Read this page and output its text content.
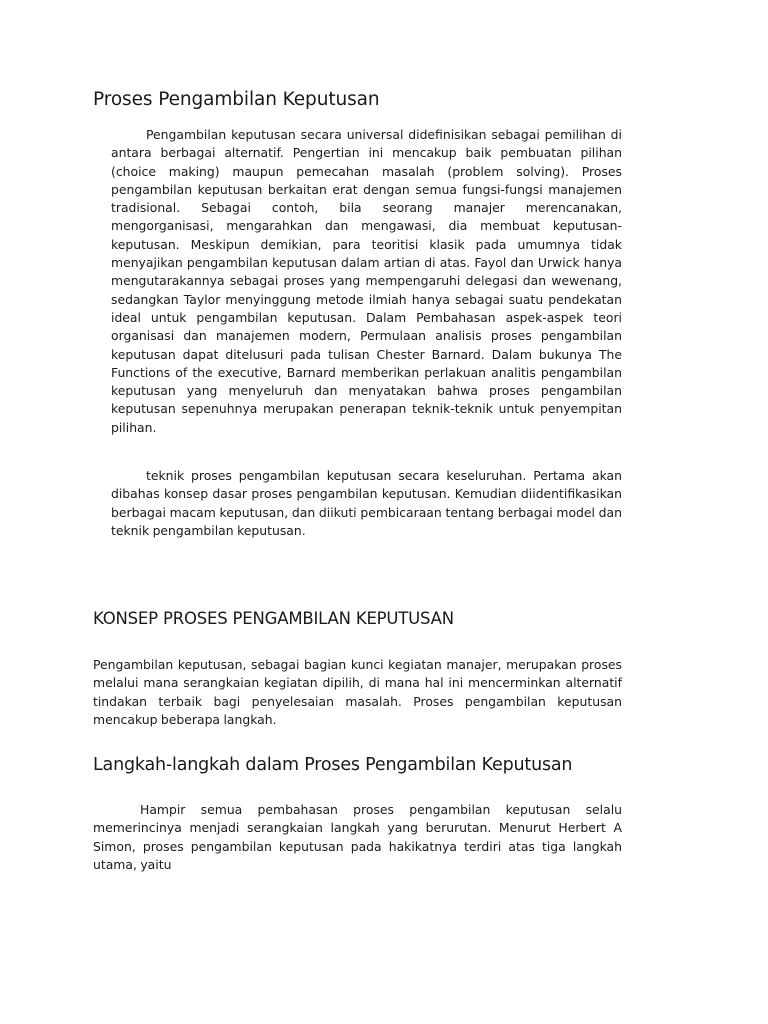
Proses Pengambilan Keputusan

Pengambilan keputusan secara universal didefinisikan sebagai pemilihan di antara berbagai alternatif. Pengertian ini mencakup baik pembuatan pilihan (choice making) maupun pemecahan masalah (problem solving). Proses pengambilan keputusan berkaitan erat dengan semua fungsi-fungsi manajemen tradisional. Sebagai contoh, bila seorang manajer merencanakan, mengorganisasi, mengarahkan dan mengawasi, dia membuat keputusan-keputusan. Meskipun demikian, para teoritisi klasik pada umumnya tidak menyajikan pengambilan keputusan dalam artian di atas. Fayol dan Urwick hanya mengutarakannya sebagai proses yang mempengaruhi delegasi dan wewenang, sedangkan Taylor menyinggung metode ilmiah hanya sebagai suatu pendekatan ideal untuk pengambilan keputusan. Dalam Pembahasan aspek-aspek teori organisasi dan manajemen modern, Permulaan analisis proses pengambilan keputusan dapat ditelusuri pada tulisan Chester Barnard. Dalam bukunya The Functions of the executive, Barnard memberikan perlakuan analitis pengambilan keputusan yang menyeluruh dan menyatakan bahwa proses pengambilan keputusan sepenuhnya merupakan penerapan teknik-teknik untuk penyempitan pilihan.

teknik proses pengambilan keputusan secara keseluruhan. Pertama akan dibahas konsep dasar proses pengambilan keputusan. Kemudian diidentifikasikan berbagai macam keputusan, dan diikuti pembicaraan tentang berbagai model dan teknik pengambilan keputusan.

KONSEP PROSES PENGAMBILAN KEPUTUSAN

Pengambilan keputusan, sebagai bagian kunci kegiatan manajer, merupakan proses melalui mana serangkaian kegiatan dipilih, di mana hal ini mencerminkan alternatif tindakan terbaik bagi penyelesaian masalah. Proses pengambilan keputusan mencakup beberapa langkah.

Langkah-langkah dalam Proses Pengambilan Keputusan

Hampir semua pembahasan proses pengambilan keputusan selalu memerincinya menjadi serangkaian langkah yang berurutan. Menurut Herbert A Simon, proses pengambilan keputusan pada hakikatnya terdiri atas tiga langkah utama, yaitu
